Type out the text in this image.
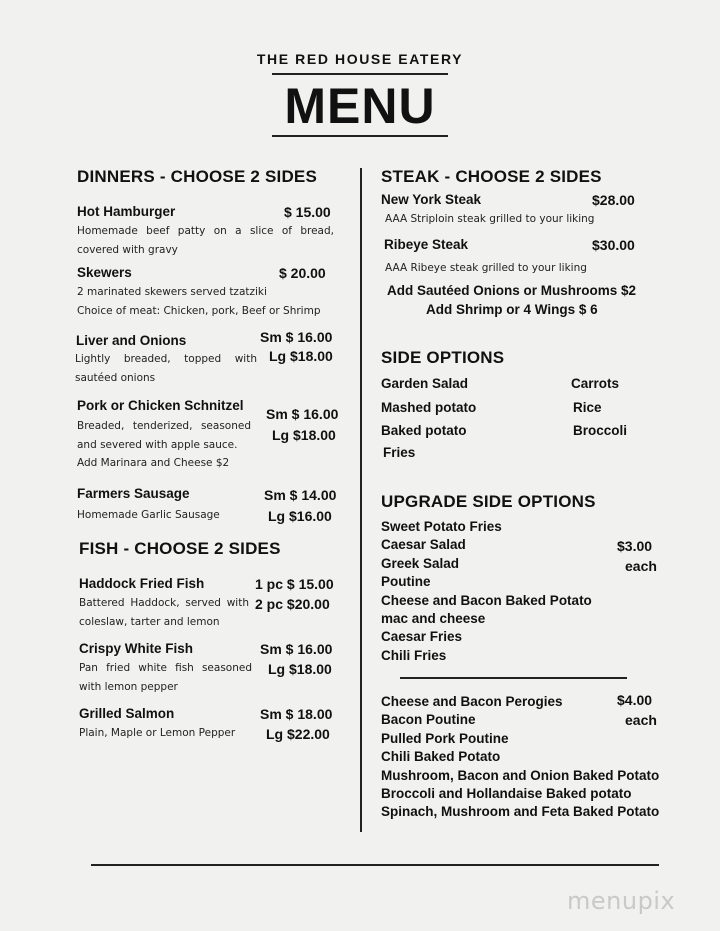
THE RED HOUSE EATERY
MENU
DINNERS - CHOOSE 2 SIDES
Hot Hamburger	$ 15.00
Homemade beef patty on a slice of bread, covered with gravy
Skewers	$ 20.00
2 marinated skewers served tzatziki
Choice of meat: Chicken, pork, Beef or Shrimp
Liver and Onions	Sm $ 16.00
Lg $18.00
Lightly breaded, topped with sautéed onions
Pork or Chicken Schnitzel
Sm $ 16.00
Lg $18.00
Breaded, tenderized, seasoned and severed with apple sauce.
Add Marinara and Cheese $2
Farmers Sausage	Sm $ 14.00
Lg $16.00
Homemade Garlic Sausage
FISH - CHOOSE 2 SIDES
Haddock Fried Fish	1 pc $ 15.00
2 pc $20.00
Battered Haddock, served with coleslaw, tarter and lemon
Crispy White Fish	Sm $ 16.00
Lg $18.00
Pan fried white fish seasoned with lemon pepper
Grilled Salmon	Sm $ 18.00
Lg $22.00
Plain, Maple or Lemon Pepper
STEAK - CHOOSE 2 SIDES
New York Steak	$28.00
AAA Striploin steak grilled to your liking
Ribeye Steak	$30.00
AAA Ribeye steak grilled to your liking
Add Sautéed Onions or Mushrooms $2
Add Shrimp or 4 Wings $ 6
SIDE OPTIONS
Garden Salad	Carrots
Mashed potato	Rice
Baked potato	Broccoli
Fries
UPGRADE SIDE OPTIONS
Sweet Potato Fries
Caesar Salad
Greek Salad
Poutine
Cheese and Bacon Baked Potato
mac and cheese
Caesar Fries
Chili Fries
$3.00
each
Cheese and Bacon Perogies
Bacon Poutine
Pulled Pork Poutine
Chili Baked Potato
Mushroom, Bacon and Onion Baked Potato
Broccoli and Hollandaise Baked potato
Spinach, Mushroom and Feta Baked Potato
$4.00
each
menupix
